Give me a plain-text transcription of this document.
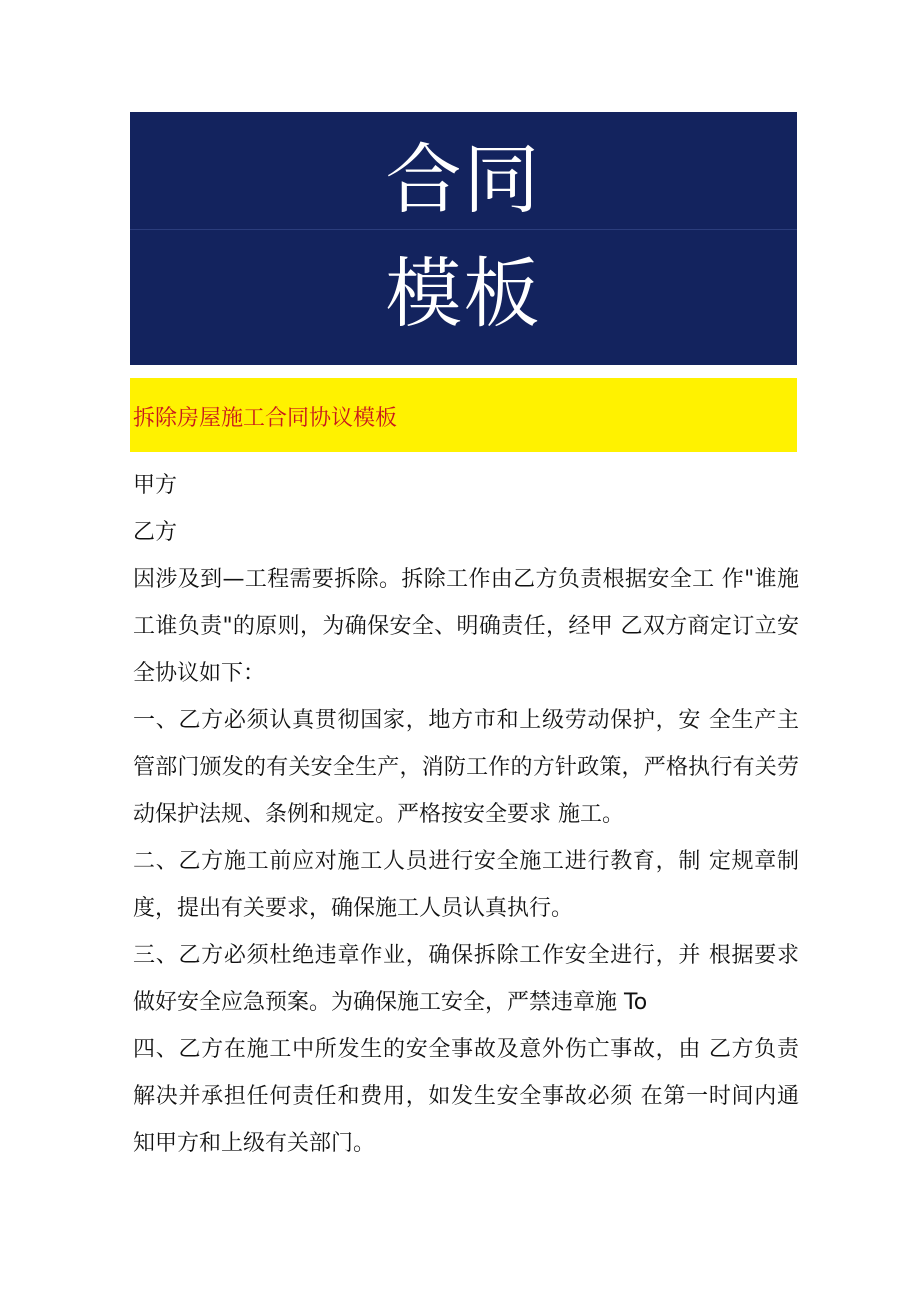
合同
模板
拆除房屋施工合同协议模板

甲方

乙方

因涉及到—工程需要拆除。拆除工作由乙方负责根据安全工 作"谁施工谁负责"的原则，为确保安全、明确责任，经甲 乙双方商定订立安全协议如下：

一、乙方必须认真贯彻国家，地方市和上级劳动保护，安 全生产主管部门颁发的有关安全生产，消防工作的方针政策，严格执行有关劳动保护法规、条例和规定。严格按安全要求 施工。

二、乙方施工前应对施工人员进行安全施工进行教育，制 定规章制度，提出有关要求，确保施工人员认真执行。

三、乙方必须杜绝违章作业，确保拆除工作安全进行，并 根据要求做好安全应急预案。为确保施工安全，严禁违章施 To

四、乙方在施工中所发生的安全事故及意外伤亡事故，由 乙方负责解决并承担任何责任和费用，如发生安全事故必须 在第一时间内通知甲方和上级有关部门。
